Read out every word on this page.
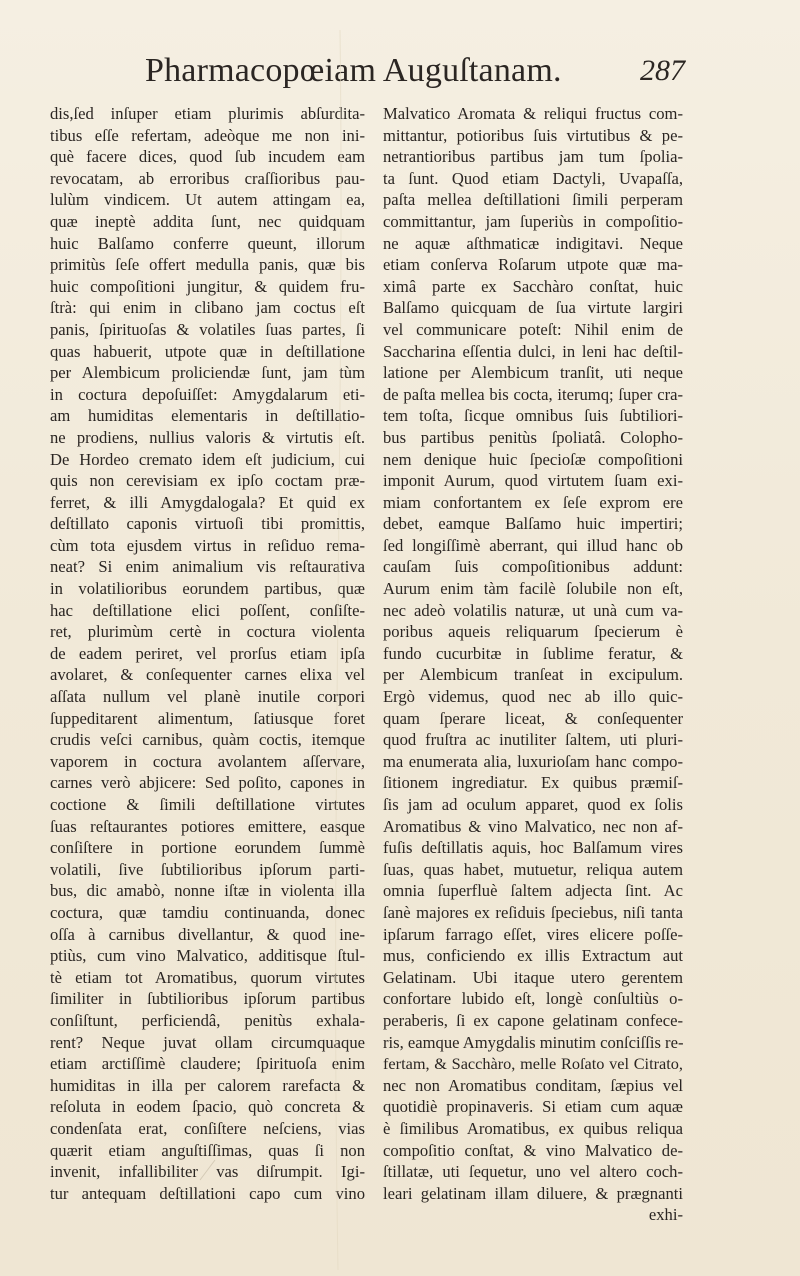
Pharmacopœiam Auguſtanam.	287
dis,ſed inſuper etiam plurimis abſurdita-
tibus eſſe refertam, adeòque me non ini-
què facere dices, quod ſub incudem eam
revocatam, ab erroribus craſſioribus pau-
lulùm vindicem. Ut autem attingam ea,
quæ ineptè addita ſunt, nec quidquam
huic Balſamo conferre queunt, illorum
primitùs ſeſe offert medulla panis, quæ bis
huic compoſitioni jungitur, & quidem fru-
ſtrà: qui enim in clibano jam coctus eſt
panis, ſpirituoſas & volatiles ſuas partes, ſi
quas habuerit, utpote quæ in deſtillatione
per Alembicum proliciendæ ſunt, jam tùm
in coctura depoſuiſſet: Amygdalarum eti-
am humiditas elementaris in deſtillatio-
ne prodiens, nullius valoris & virtutis eſt.
De Hordeo cremato idem eſt judicium, cui
quis non cerevisiam ex ipſo coctam præ-
ferret, & illi Amygdalogala? Et quid ex
deſtillato caponis virtuoſi tibi promittis,
cùm tota ejusdem virtus in reſiduo rema-
neat? Si enim animalium vis reſtaurativa
in volatilioribus eorundem partibus, quæ
hac deſtillatione elici poſſent, conſiſte-
ret, plurimùm certè in coctura violenta
de eadem periret, vel prorſus etiam ipſa
avolaret, & conſequenter carnes elixa vel
aſſata nullum vel planè inutile corpori
ſuppeditarent alimentum, ſatiusque foret
crudis veſci carnibus, quàm coctis, itemque
vaporem in coctura avolantem aſſervare,
carnes verò abjicere: Sed poſito, capones in
coctione & ſimili deſtillatione virtutes
ſuas reſtaurantes potiores emittere, easque
conſiſtere in portione eorundem ſummè
volatili, ſive ſubtilioribus ipſorum parti-
bus, dic amabò, nonne iſtæ in violenta illa
coctura, quæ tamdiu continuanda, donec
oſſa à carnibus divellantur, & quod ine-
ptiùs, cum vino Malvatico, additisque ſtul-
tè etiam tot Aromatibus, quorum virtutes
ſimiliter in ſubtilioribus ipſorum partibus
conſiſtunt, perficiendâ, penitùs exhala-
rent? Neque juvat ollam circumquaque
etiam arctiſſimè claudere; ſpirituoſa enim
humiditas in illa per calorem rarefacta &
reſoluta in eodem ſpacio, quò concreta &
condenſata erat, conſiſtere neſciens, vias
quærit etiam anguſtiſſimas, quas ſi non
invenit, infallibiliter vas diſrumpit. Igi-
tur antequam deſtillationi capo cum vino
Malvatico Aromata & reliqui fructus com-
mittantur, potioribus ſuis virtutibus & pe-
netrantioribus partibus jam tum ſpolia-
ta ſunt. Quod etiam Dactyli, Uvapaſſa,
paſta mellea deſtillationi ſimili perperam
committantur, jam ſuperiùs in compoſitio-
ne aquæ aſthmaticæ indigitavi. Neque
etiam conſerva Roſarum utpote quæ ma-
ximâ parte ex Sacchàro conſtat, huic
Balſamo quicquam de ſua virtute largiri
vel communicare poteſt: Nihil enim de
Saccharina eſſentia dulci, in leni hac deſtil-
latione per Alembicum tranſit, uti neque
de paſta mellea bis cocta, iterumq; ſuper cra-
tem toſta, ſicque omnibus ſuis ſubtiliori-
bus partibus penitùs ſpoliatâ. Colopho-
nem denique huic ſpecioſæ compoſitioni
imponit Aurum, quod virtutem ſuam exi-
miam confortantem ex ſeſe exprom ere
debet, eamque Balſamo huic impertiri;
ſed longiſſimè aberrant, qui illud hanc ob
cauſam ſuis compoſitionibus addunt:
Aurum enim tàm facilè ſolubile non eſt,
nec adeò volatilis naturæ, ut unà cum va-
poribus aqueis reliquarum ſpecierum è
fundo cucurbitæ in ſublime feratur, &
per Alembicum tranſeat in excipulum.
Ergò videmus, quod nec ab illo quic-
quam ſperare liceat, & conſequenter
quod fruſtra ac inutiliter ſaltem, uti pluri-
ma enumerata alia, luxurioſam hanc compo-
ſitionem ingrediatur. Ex quibus præmiſ-
ſis jam ad oculum apparet, quod ex ſolis
Aromatibus & vino Malvatico, nec non af-
fuſis deſtillatis aquis, hoc Balſamum vires
ſuas, quas habet, mutuetur, reliqua autem
omnia ſuperfluè ſaltem adjecta ſint. Ac
ſanè majores ex reſiduis ſpeciebus, niſi tanta
ipſarum farrago eſſet, vires elicere poſſe-
mus, conficiendo ex illis Extractum aut
Gelatinam. Ubi itaque utero gerentem
confortare lubido eſt, longè conſultiùs o-
peraberis, ſi ex capone gelatinam confece-
ris, eamque Amygdalis minutim conſciſſis re-
fertam, & Sacchàro, melle Roſato vel Citrato,
nec non Aromatibus conditam, ſæpius vel
quotidiè propinaveris. Si etiam cum aquæ
è ſimilibus Aromatibus, ex quibus reliqua
compoſitio conſtat, & vino Malvatico de-
ſtillatæ, uti ſequetur, uno vel altero coch-
leari gelatinam illam diluere, & prægnanti
exhi-
